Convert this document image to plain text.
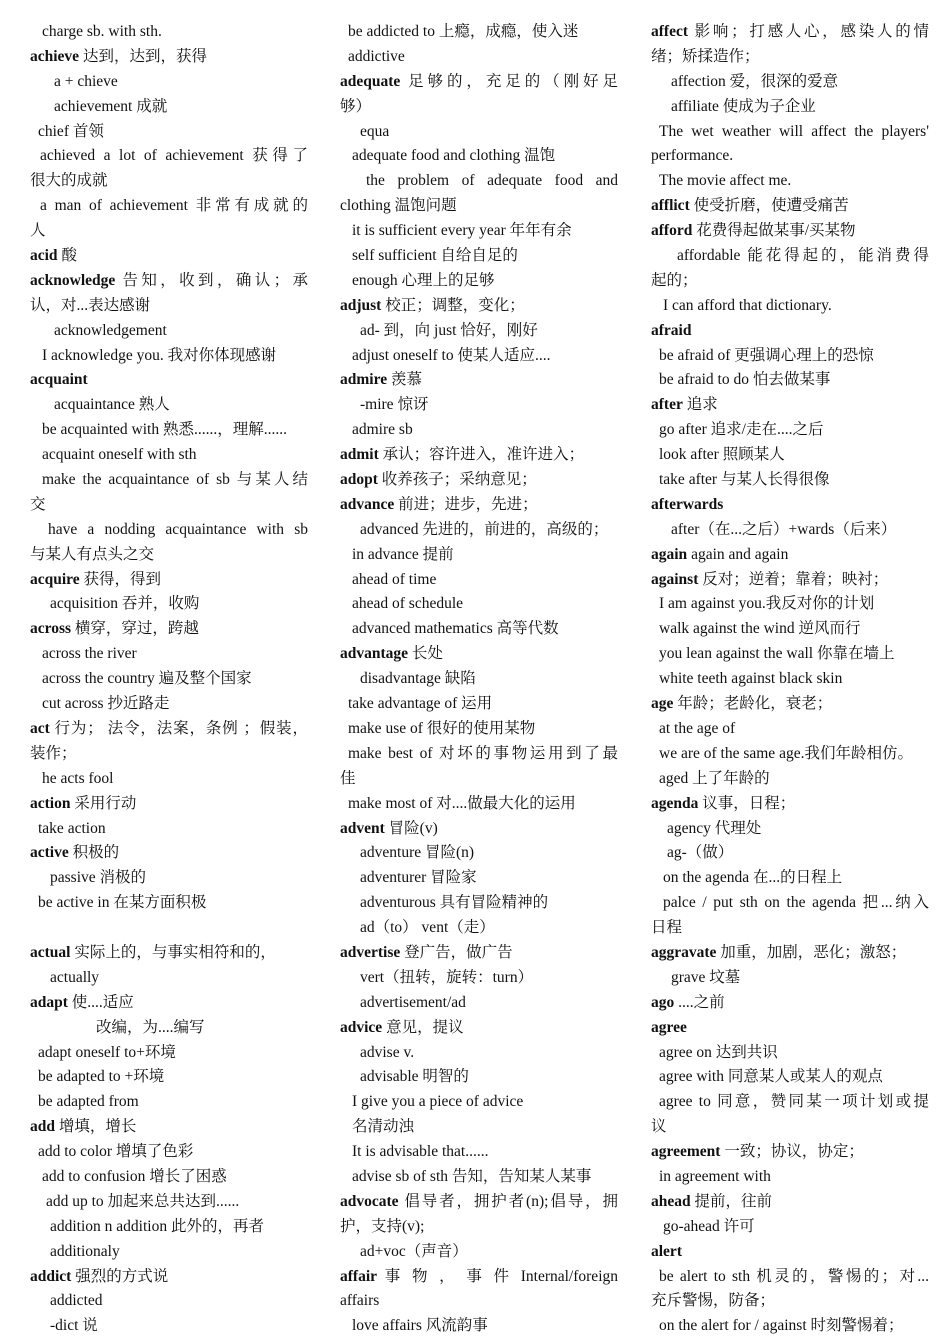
charge sb. with sth.
achieve 达到，达到，获得
a + chieve
achievement 成就
chief 首领
achieved a lot of achievement 获得了
很大的成就
a man of achievement 非常有成就的
人
acid 酸
acknowledge 告知，收到，确认；承
认，对...表达感谢
acknowledgement
I acknowledge you. 我对你体现感谢
acquaint
acquaintance 熟人
be acquainted with 熟悉......，理解......
acquaint oneself with sth
make the acquaintance of sb 与某人结
交
have a nodding acquaintance with sb
与某人有点头之交
acquire 获得，得到
acquisition 吞并，收购
across 横穿，穿过，跨越
across the river
across the country 遍及整个国家
cut across 抄近路走
act 行为； 法令，法案，条例 ；假装，
装作；
he acts fool
action 采用行动
take action
active 积极的
passive 消极的
be active in 在某方面积极
actual 实际上的，与事实相符和的，
actually
adapt 使....适应
改编，为....编写
adapt oneself to+环境
be adapted to +环境
be adapted from
add 增填，增长
add to color 增填了色彩
add to confusion 增长了困惑
add up to 加起来总共达到......
addition n addition 此外的，再者
additionaly
addict 强烈的方式说
addicted
-dict 说
be addicted to 上瘾，成瘾，使入迷
addictive
adequate 足够的，充足的（刚好足
够）
equa
adequate food and clothing 温饱
the problem of adequate food and
clothing 温饱问题
it is sufficient every year 年年有余
self sufficient 自给自足的
enough 心理上的足够
adjust 校正；调整，变化；
ad- 到，向 just 恰好，刚好
adjust oneself to 使某人适应....
admire 羡慕
-mire 惊讶
admire sb
admit 承认；容许进入，准许进入；
adopt 收养孩子；采纳意见；
advance 前进；进步，先进；
advanced 先进的，前进的，高级的；
in advance 提前
ahead of time
ahead of schedule
advanced mathematics 高等代数
advantage 长处
disadvantage 缺陷
take advantage of 运用
make use of 很好的使用某物
make best of 对坏的事物运用到了最
佳
make most of 对....做最大化的运用
advent 冒险(v)
adventure 冒险(n)
adventurer 冒险家
adventurous 具有冒险精神的
ad（to） vent（走）
advertise 登广告，做广告
vert（扭转，旋转：turn）
advertisement/ad
advice 意见，提议
advise v.
advisable 明智的
I give you a piece of advice
名清动浊
It is advisable that......
advise sb of sth 告知，告知某人某事
advocate 倡导者，拥护者(n);倡导，拥
护，支持(v);
ad+voc（声音）
affair 事 物 ， 事 件 Internal/foreign
affairs
love affairs 风流韵事
affect 影响；打感人心，感染人的情
绪；矫揉造作；
affection 爱，很深的爱意
affiliate 使成为子企业
The wet weather will affect the players'
performance.
The movie affect me.
afflict 使受折磨，使遭受痛苦
afford 花费得起做某事/买某物
affordable 能花得起的，能消费得
起的；
I can afford that dictionary.
afraid
be afraid of 更强调心理上的恐惊
be afraid to do 怕去做某事
after 追求
go after 追求/走在....之后
look after 照顾某人
take after 与某人长得很像
afterwards
after（在...之后）+wards（后来）
again again and again
against 反对；逆着；靠着；映衬；
I am against you.我反对你的计划
walk against the wind 逆风而行
you lean against the wall 你靠在墙上
white teeth against black skin
age 年龄；老龄化，衰老；
at the age of
we are of the same age.我们年龄相仿。
aged 上了年龄的
agenda 议事，日程；
agency 代理处
ag-（做）
on the agenda 在...的日程上
palce / put sth on the agenda 把...纳入
日程
aggravate 加重，加剧，恶化；激怒；
grave 坟墓
ago ....之前
agree
agree on 达到共识
agree with 同意某人或某人的观点
agree to 同意，赞同某一项计划或提
议
agreement 一致；协议，协定；
in agreement with
ahead 提前，往前
go-ahead 许可
alert
be alert to sth 机灵的，警惕的；对...
充斥警惕，防备；
on the alert for / against 时刻警惕着；
